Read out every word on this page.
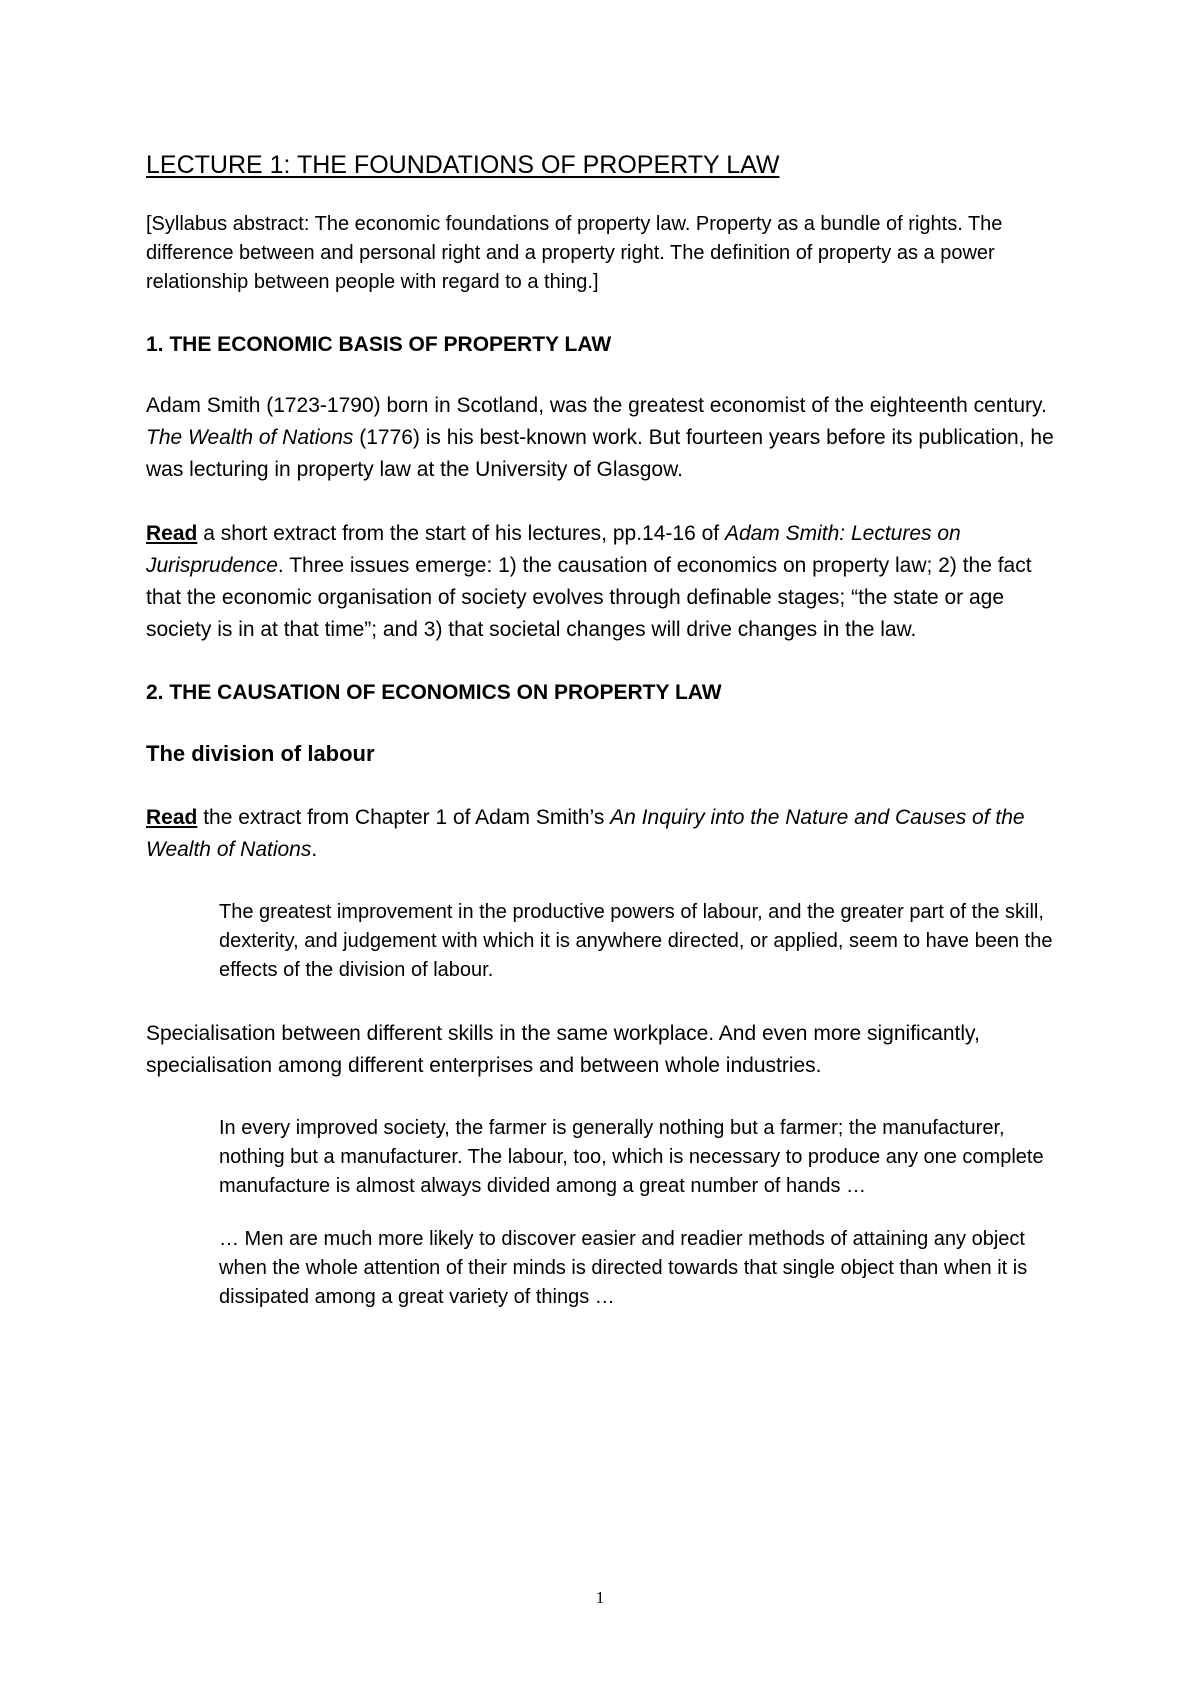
LECTURE 1: THE FOUNDATIONS OF PROPERTY LAW

[Syllabus abstract: The economic foundations of property law. Property as a bundle of rights. The difference between and personal right and a property right. The definition of property as a power relationship between people with regard to a thing.]

1. THE ECONOMIC BASIS OF PROPERTY LAW

Adam Smith (1723-1790) born in Scotland, was the greatest economist of the eighteenth century. The Wealth of Nations (1776) is his best-known work. But fourteen years before its publication, he was lecturing in property law at the University of Glasgow.

Read a short extract from the start of his lectures, pp.14-16 of Adam Smith: Lectures on Jurisprudence. Three issues emerge: 1) the causation of economics on property law; 2) the fact that the economic organisation of society evolves through definable stages; “the state or age society is in at that time”; and 3) that societal changes will drive changes in the law.

2. THE CAUSATION OF ECONOMICS ON PROPERTY LAW
The division of labour

Read the extract from Chapter 1 of Adam Smith’s An Inquiry into the Nature and Causes of the Wealth of Nations.

The greatest improvement in the productive powers of labour, and the greater part of the skill, dexterity, and judgement with which it is anywhere directed, or applied, seem to have been the effects of the division of labour.

Specialisation between different skills in the same workplace. And even more significantly, specialisation among different enterprises and between whole industries.

In every improved society, the farmer is generally nothing but a farmer; the manufacturer, nothing but a manufacturer. The labour, too, which is necessary to produce any one complete manufacture is almost always divided among a great number of hands …

… Men are much more likely to discover easier and readier methods of attaining any object when the whole attention of their minds is directed towards that single object than when it is dissipated among a great variety of things …

1
